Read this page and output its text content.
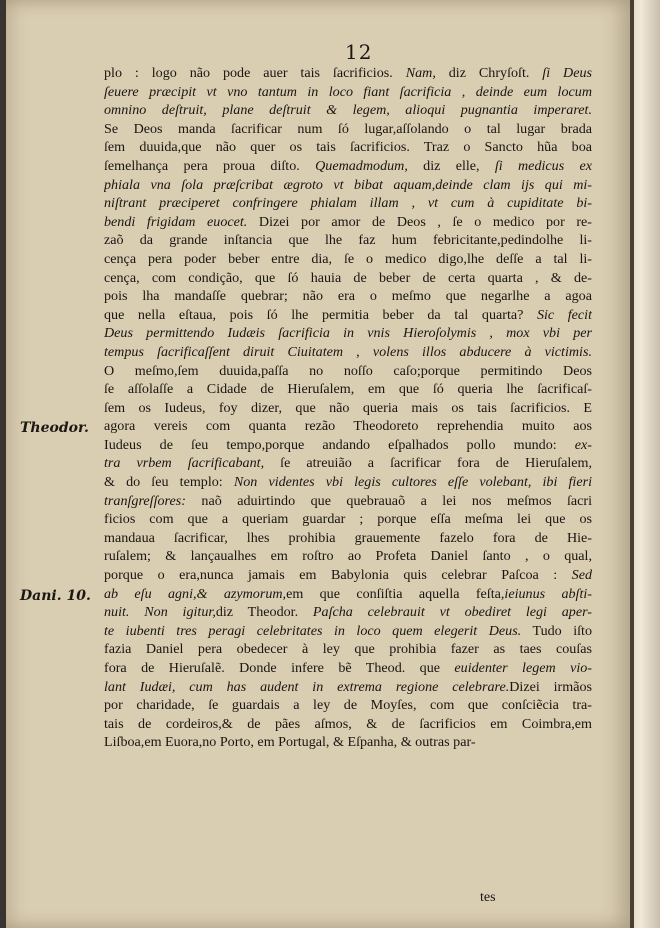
12
Theodor.
Dani. 10.
plo : logo não pode auer tais ſacrificios. Nam, diz Chryſoſt. ſi Deus
ſeuere præcipit vt vno tantum in loco fiant ſacrificia , deinde eum locum
omnino deſtruit, plane deſtruit & legem, alioqui pugnantia imperaret.
Se Deos manda ſacrificar num ſó lugar,aſſolando o tal lugar brada
ſem duuida,que não quer os tais ſacrificios. Traz o Sancto hũa boa
ſemelhança pera proua diſto. Quemadmodum, diz elle, ſi medicus ex
phiala vna ſola præſcribat ægroto vt bibat aquam,deinde clam ijs qui mi-
niſtrant præciperet confringere phialam illam , vt cum à cupiditate bi-
bendi frigidam euocet. Dizei por amor de Deos , ſe o medico por re-
zaõ da grande inſtancia que lhe faz hum febricitante,pedindolhe li-
cença pera poder beber entre dia, ſe o medico digo,lhe deſſe a tal li-
cença, com condição, que ſó hauia de beber de certa quarta , & de-
pois lha mandaſſe quebrar; não era o meſmo que negarlhe a agoa
que nella eſtaua, pois ſó lhe permitia beber da tal quarta? Sic fecit
Deus permittendo Iudæis ſacrificia in vnis Hieroſolymis , mox vbi per
tempus ſacrificaſſent diruit Ciuitatem , volens illos abducere à victimis.
O meſmo,ſem duuida,paſſa no noſſo caſo;porque permitindo Deos
ſe aſſolaſſe a Cidade de Hieruſalem, em que ſó queria lhe ſacrificaſ-
ſem os Iudeus, foy dizer, que não queria mais os tais ſacrificios. E
agora vereis com quanta rezão Theodoreto reprehendia muito aos
Iudeus de ſeu tempo,porque andando eſpalhados pollo mundo: ex-
tra vrbem ſacrificabant, ſe atreuião a ſacrificar fora de Hieruſalem,
& do ſeu templo: Non videntes vbi legis cultores eſſe volebant, ibi fieri
tranſgreſſores: naõ aduirtindo que quebrauaõ a lei nos meſmos ſacri
ficios com que a queriam guardar ; porque eſſa meſma lei que os
mandaua ſacrificar, lhes prohibia grauemente fazelo fora de Hie-
ruſalem; & lançaualhes em roſtro ao Profeta Daniel ſanto , o qual,
porque o era,nunca jamais em Babylonia quis celebrar Paſcoa : Sed
ab eſu agni,& azymorum,em que conſiſtia aquella feſta,ieiunus abſti-
nuit. Non igitur,diz Theodor. Paſcha celebrauit vt obediret legi aper-
te iubenti tres peragi celebritates in loco quem elegerit Deus. Tudo iſto
fazia Daniel pera obedecer à ley que prohibia fazer as taes couſas
fora de Hieruſalẽ. Donde infere bẽ Theod. que euidenter legem vio-
lant Iudæi, cum has audent in extrema regione celebrare.Dizei irmãos
por charidade, ſe guardais a ley de Moyſes, com que conſciẽcia tra-
tais de cordeiros,& de pães aſmos, & de ſacrificios em Coimbra,em
Liſboa,em Euora,no Porto, em Portugal, & Eſpanha, & outras par-
tes
